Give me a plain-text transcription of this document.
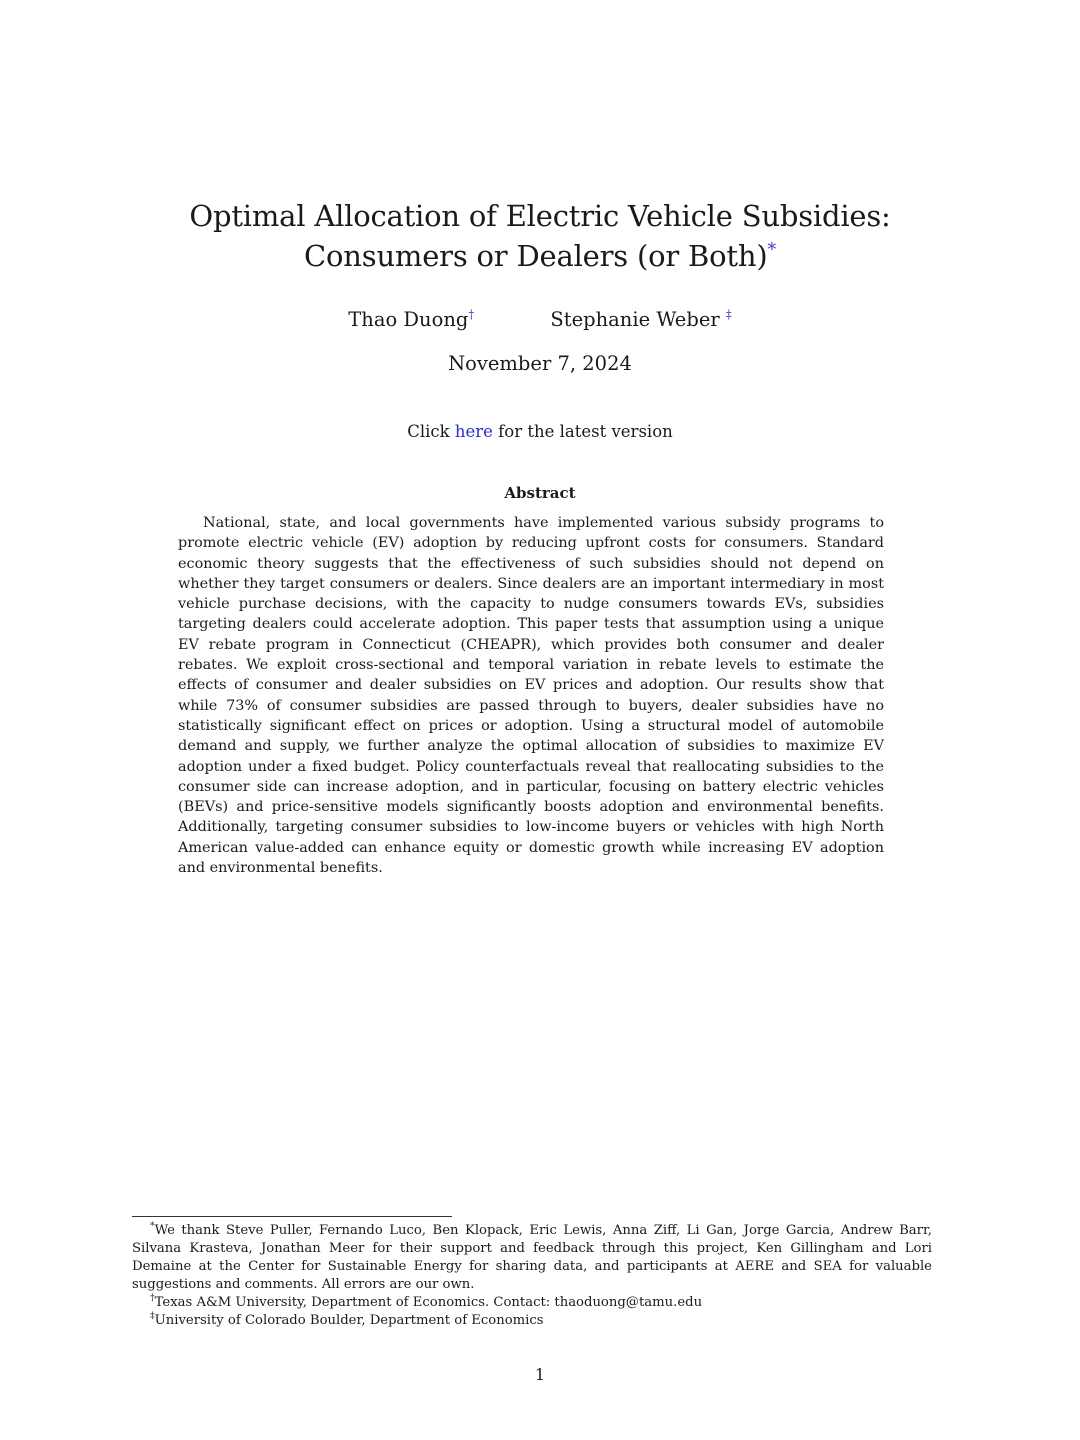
Optimal Allocation of Electric Vehicle Subsidies:
Consumers or Dealers (or Both)*
Thao Duong†	Stephanie Weber ‡
November 7, 2024
Click here for the latest version
Abstract

National, state, and local governments have implemented various subsidy programs to promote electric vehicle (EV) adoption by reducing upfront costs for consumers. Standard economic theory suggests that the effectiveness of such subsidies should not depend on whether they target consumers or dealers. Since dealers are an important intermediary in most vehicle purchase decisions, with the capacity to nudge consumers towards EVs, subsidies targeting dealers could accelerate adoption. This paper tests that assumption using a unique EV rebate program in Connecticut (CHEAPR), which provides both consumer and dealer rebates. We exploit cross-sectional and temporal variation in rebate levels to estimate the effects of consumer and dealer subsidies on EV prices and adoption. Our results show that while 73% of consumer subsidies are passed through to buyers, dealer subsidies have no statistically significant effect on prices or adoption. Using a structural model of automobile demand and supply, we further analyze the optimal allocation of subsidies to maximize EV adoption under a fixed budget. Policy counterfactuals reveal that reallocating subsidies to the consumer side can increase adoption, and in particular, focusing on battery electric vehicles (BEVs) and price-sensitive models significantly boosts adoption and environmental benefits. Additionally, targeting consumer subsidies to low-income buyers or vehicles with high North American value-added can enhance equity or domestic growth while increasing EV adoption and environmental benefits.

*We thank Steve Puller, Fernando Luco, Ben Klopack, Eric Lewis, Anna Ziff, Li Gan, Jorge Garcia, Andrew Barr, Silvana Krasteva, Jonathan Meer for their support and feedback through this project, Ken Gillingham and Lori Demaine at the Center for Sustainable Energy for sharing data, and participants at AERE and SEA for valuable suggestions and comments. All errors are our own.

†Texas A&M University, Department of Economics. Contact: thaoduong@tamu.edu

‡University of Colorado Boulder, Department of Economics

1
